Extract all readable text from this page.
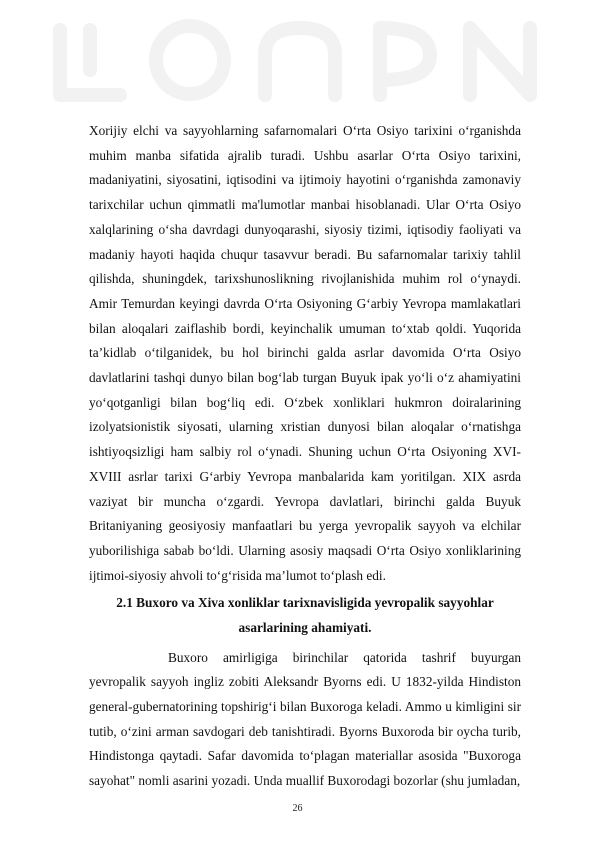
Xorijiy elchi va sayyohlarning safarnomalari O‘rta Osiyo tarixini o‘rganishda muhim manba sifatida ajralib turadi. Ushbu asarlar O‘rta Osiyo tarixini, madaniyatini, siyosatini, iqtisodini va ijtimoiy hayotini o‘rganishda zamonaviy tarixchilar uchun qimmatli ma'lumotlar manbai hisoblanadi. Ular O‘rta Osiyo xalqlarining o‘sha davrdagi dunyoqarashi, siyosiy tizimi, iqtisodiy faoliyati va madaniy hayoti haqida chuqur tasavvur beradi. Bu safarnomalar tarixiy tahlil qilishda, shuningdek, tarixshunoslikning rivojlanishida muhim rol o‘ynaydi. Amir Temurdan keyingi davrda O‘rta Osiyoning G‘arbiy Yevropa mamlakatlari bilan aloqalari zaiflashib bordi, keyinchalik umuman to‘xtab qoldi. Yuqorida ta’kidlab o‘tilganidek, bu hol birinchi galda asrlar davomida O‘rta Osiyo davlatlarini tashqi dunyo bilan bog‘lab turgan Buyuk ipak yo‘li o‘z ahamiyatini yo‘qotganligi bilan bog‘liq edi. O‘zbek xonliklari hukmron doiralarining izolyatsionistik siyosati, ularning xristian dunyosi bilan aloqalar o‘rnatishga ishtiyoqsizligi ham salbiy rol o‘ynadi. Shuning uchun O‘rta Osiyoning XVI-XVIII asrlar tarixi G‘arbiy Yevropa manbalarida kam yoritilgan. XIX asrda vaziyat bir muncha o‘zgardi. Yevropa davlatlari, birinchi galda Buyuk Britaniyaning geosiyosiy manfaatlari bu yerga yevropalik sayyoh va elchilar yuborilishiga sabab bo‘ldi. Ularning asosiy maqsadi O‘rta Osiyo xonliklarining ijtimoi-siyosiy ahvoli to‘g‘risida ma’lumot to‘plash edi.

2.1 Buxoro va Xiva xonliklar tarixnavisligida yevropalik sayyohlar asarlarining ahamiyati.

Buxoro amirligiga birinchilar qatorida tashrif buyurgan yevropalik sayyoh ingliz zobiti Aleksandr Byorns edi. U 1832-yilda Hindiston general-gubernatorining topshirig‘i bilan Buxoroga keladi. Ammo u kimligini sir tutib, o‘zini arman savdogari deb tanishtiradi. Byorns Buxoroda bir oycha turib, Hindistonga qaytadi. Safar davomida to‘plagan materiallar asosida "Buxoroga sayohat" nomli asarini yozadi. Unda muallif Buxorodagi bozorlar (shu jumladan,

26
